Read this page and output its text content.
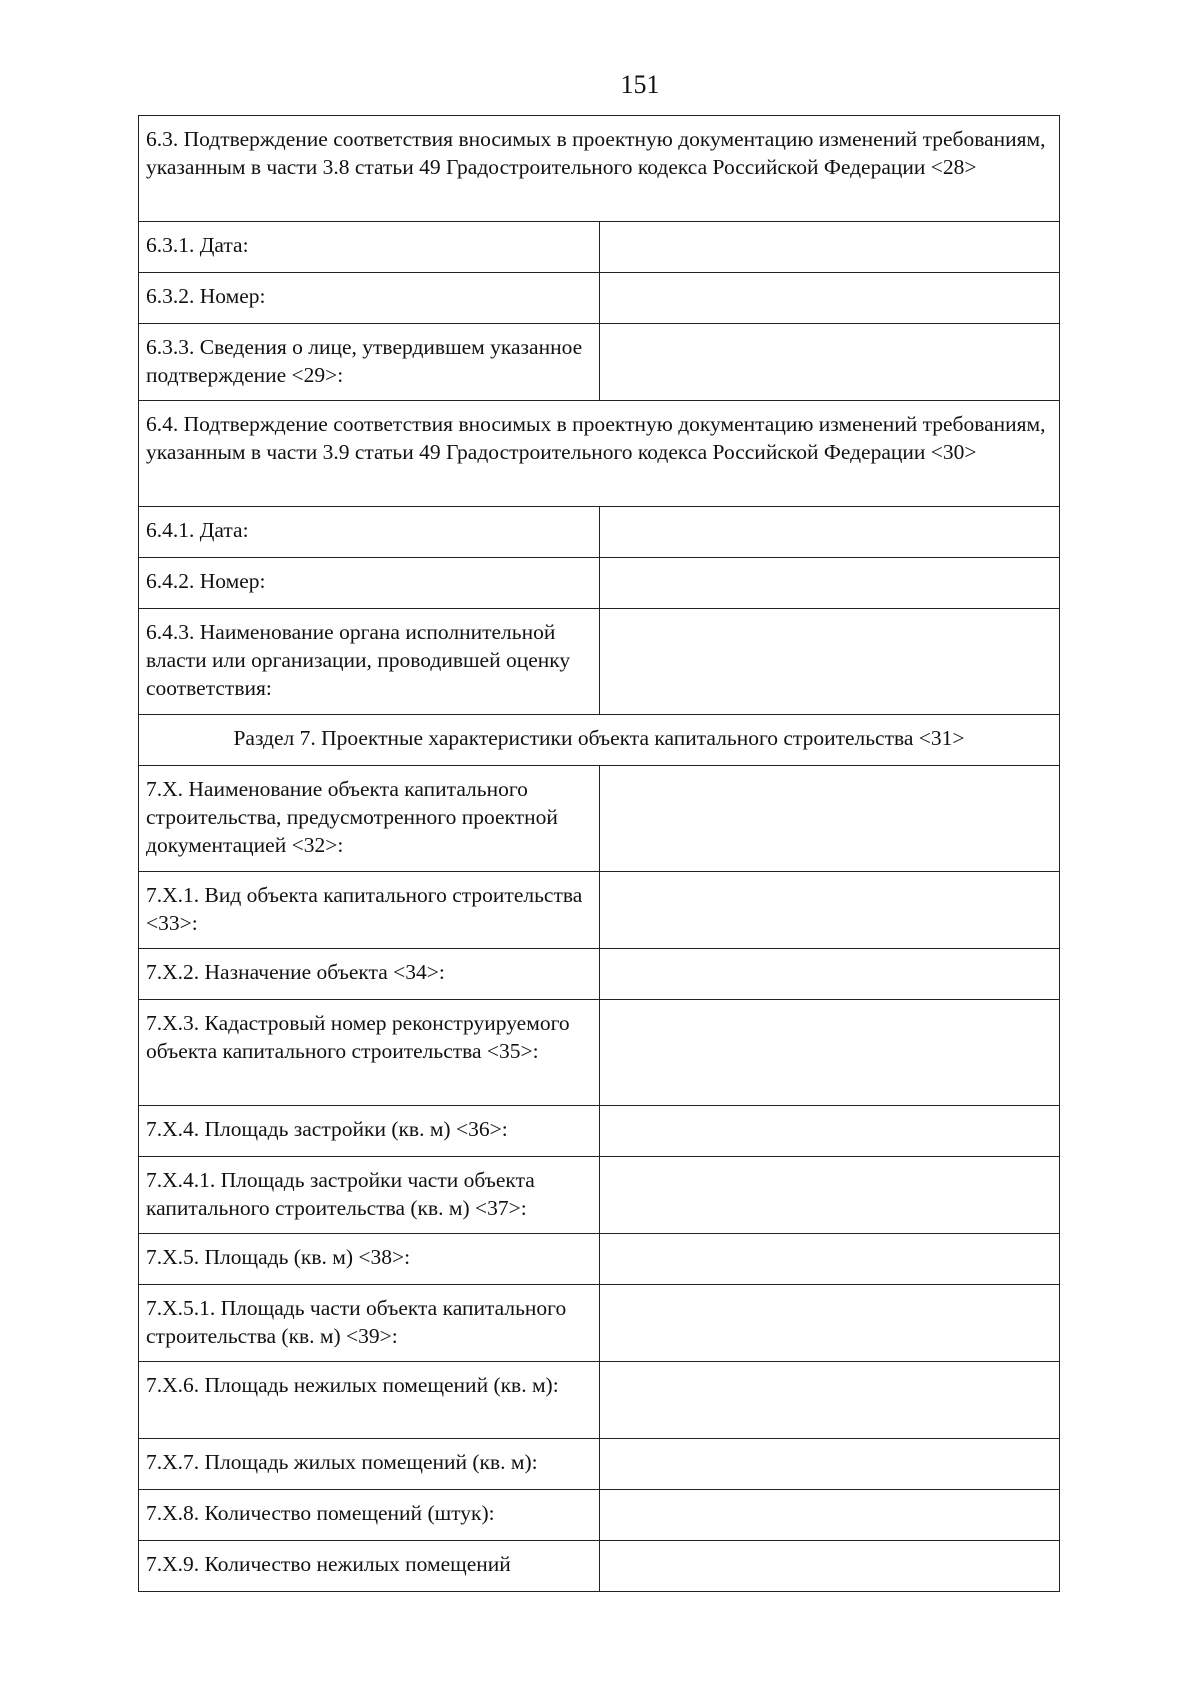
151
6.3. Подтверждение соответствия вносимых в проектную документацию изменений требованиям, указанным в части 3.8 статьи 49 Градостроительного кодекса Российской Федерации <28>	
6.3.1. Дата:	
6.3.2. Номер:	
6.3.3. Сведения о лице, утвердившем указанное подтверждение <29>:	
6.4. Подтверждение соответствия вносимых в проектную документацию изменений требованиям, указанным в части 3.9 статьи 49 Градостроительного кодекса Российской Федерации <30>	
6.4.1. Дата:	
6.4.2. Номер:	
6.4.3. Наименование органа исполнительной власти или организации, проводившей оценку соответствия:	
Раздел 7. Проектные характеристики объекта капитального строительства <31>	
7.X. Наименование объекта капитального строительства, предусмотренного проектной документацией <32>:	
7.X.1. Вид объекта капитального строительства <33>:	
7.X.2. Назначение объекта <34>:	
7.X.3. Кадастровый номер реконструируемого объекта капитального строительства <35>:	
7.X.4. Площадь застройки (кв. м) <36>:	
7.X.4.1. Площадь застройки части объекта капитального строительства (кв. м) <37>:	
7.X.5. Площадь (кв. м) <38>:	
7.X.5.1. Площадь части объекта капитального строительства (кв. м) <39>:	
7.X.6. Площадь нежилых помещений (кв. м):	
7.X.7. Площадь жилых помещений (кв. м):	
7.X.8. Количество помещений (штук):	
7.X.9. Количество нежилых помещений	
